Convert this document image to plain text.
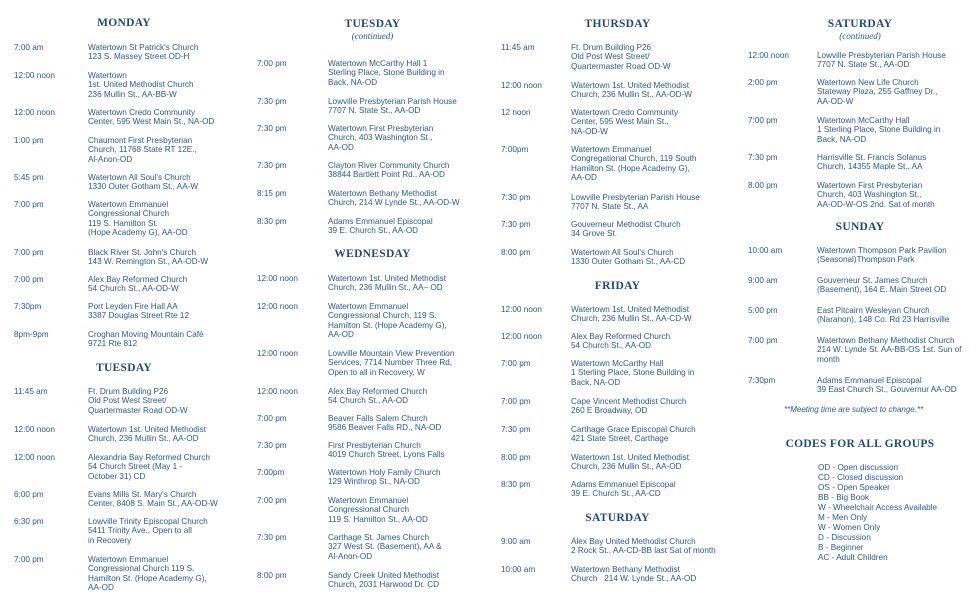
MONDAY
7:00 am	Watertown St Patrick's Church
123 S. Massey Street OD-H
12:00 noon	Watertown
1st. United Methodist Church
236 Mullin St., AA-BB-W
12:00 noon	Watertown Credo Community
Center, 595 West Main St., NA-OD
1:00 pm	Chaumont First Presbyterian
Church, 11768 State RT 12E.,
Al-Anon-OD
5:45 pm	Watertown All Soul's Church
1330 Outer Gotham St., AA-W
7:00 pm	Watertown Emmanuel
Congressional Church
119 S. Hamilton St.
(Hope Academy G), AA-OD
7:00 pm	Black River St. John's Church
143 W. Remington St., AA-OD-W
7:00 pm	Alex Bay Reformed Church
54 Church St., AA-OD-W
7:30pm	Port Leyden Fire Hall AA
3387 Douglas Street Rte 12
8pm-9pm	Croghan Moving Mountain Café
9721 Rte 812
TUESDAY
11:45 am	Ft. Drum Building P26
Old Post West Street/
Quartermaster Road OD-W
12:00 noon	Watertown 1st. United Methodist
Church, 236 Mullin St., AA-OD
12:00 noon	Alexandria Bay Reformed Church
54 Church Street (May 1 -
October 31) CD
6:00 pm	Evans Mills St. Mary's Church
Center, 8408 S. Main St., AA-OD-W
6:30 pm	Lowville Trinity Episcopal Church
5411 Trinity Ave., Open to all
in Recovery
7:00 pm	Watertown Emmanuel
Congressional Church 119 S.
Hamilton St. (Hope Academy G),
AA-OD
TUESDAY
(continued)
7:00 pm	Watertown McCarthy Hall 1
Sterling Place, Stone Building in
Back, NA-OD
7:30 pm	Lowville Presbyterian Parish House
7707 N. State St., AA-OD
7:30 pm	Watertown First Presbyterian
Church, 403 Washington St.,
AA-OD
7:30 pm	Clayton River Community Church
38844 Bartlett Point Rd., AA-OD
8:15 pm	Watertown Bethany Methodist
Church, 214 W Lynde St., AA-OD-W
8:30 pm	Adams Emmanuel Episcopal
39 E. Church St., AA-OD
WEDNESDAY
12:00 noon	Watertown 1st. United Methodist
Church, 236 Mullin St., AA– OD
12:00 noon	Watertown Emmanuel
Congressional Church, 119 S.
Hamilton St. (Hope Academy G),
AA-OD
12:00 noon	Lowville Mountain View Prevention
Services, 7714 Number Three Rd,
Open to all in Recovery, W
12:00 noon	Alex Bay Reformed Church
54 Church St., AA-OD
7:00 pm	Beaver Falls Salem Church
9586 Beaver Falls RD., NA-OD
7:30 pm	First Presbyterian Church
4019 Church Street, Lyons Falls
7:00pm	Watertown Holy Family Church
129 Winthrop St., NA-OD
7:00 pm	Watertown Emmanuel
Congressional Church
119 S. Hamilton St., AA-OD
7:30 pm	Carthage St. James Church
327 West St. (Basement), AA &
Al-Anon-OD
8:00 pm	Sandy Creek United Methodist
Church, 2031 Harwood Dr. CD
THURSDAY
11:45 am	Ft. Drum Building P26
Old Post West Street/
Quartermaster Road OD-W
12:00 noon	Watertown 1st. United Methodist
Church, 236 Mullin St., AA-OD-W
12 noon	Watertown Credo Community
Center, 595 West Main St.,
NA-OD-W
7:00pm	Watertown Emmanuel
Congregational Church, 119 South
Hamilton St. (Hope Academy G),
AA-OD
7:30 pm	Lowville Presbyterian Parish House
7707 N. State St., AA
7:30 pm	Gouverneur Methodist Church
34 Grove St.
8:00 pm	Watertown All Soul's Church
1330 Outer Gotham St., AA-CD
FRIDAY
12:00 noon	Watertown 1st. United Methodist
Church, 236 Mullin St., AA-CD-W
12:00 noon	Alex Bay Reformed Church
54 Church St., AA-OD
7:00 pm	Watertown McCarthy Hall
1 Sterling Place, Stone Building in
Back, NA-OD
7:00 pm	Cape Vincent Methodist Church
260 E Broadway, OD
7:30 pm	Carthage Grace Episcopal Church
421 State Street, Carthage
8:00 pm	Watertown 1st. United Methodist
Church, 236 Mullin St., AA-OD
8:30 pm	Adams Emmanuel Episcopal
39 E. Church St., AA-CD
SATURDAY
9:00 am	Alex Bay United Methodist Church
2 Rock St., AA-CD-BB last Sat of month
10:00 am	Watertown Bethany Methodist
Church   214 W. Lynde St., AA-OD
SATURDAY
(continued)
12:00 noon	Lowville Presbyterian Parish House
7707 N. State St., AA-OD
2:00 pm	Watertown New Life Church
Stateway Plaza, 255 Gaffney Dr.,
AA-OD-W
7:00 pm	Watertown McCarthy Hall
1 Sterling Place, Stone Building in
Back, NA-OD
7:30 pm	Harrisville St. Francis Solanus
Church, 14355 Maple St., AA
8:00 pm	Watertown First Presbyterian
Church, 403 Washington St.,
AA-OD-W-OS 2nd. Sat of month
SUNDAY
10:00 am	Watertown Thompson Park Pavilion
(Seasonal)Thompson Park
9:00 am	Gouverneur St. James Church
(Basement), 164 E. Main Street OD
5:00 pm	East Pitcairn Wesleyan Church
(Naranon), 148 Co. Rd 23 Harrisville
7:00 pm	Watertown Bethany Methodist Church
214 W. Lynde St. AA-BB-OS 1st. Sun of
month
7:30pm	Adams Emmanuel Episcopal
39 East Church St., Gouvernur AA-OD
**Meeting time are subject to change.**
CODES FOR ALL GROUPS
OD - Open discussion
CD - Closed discussion
OS - Open Speaker
BB - Big Book
W - Wheelchair Access Available
M - Men Only
W - Women Only
D - Discussion
B - Beginner
AC - Adult Children
